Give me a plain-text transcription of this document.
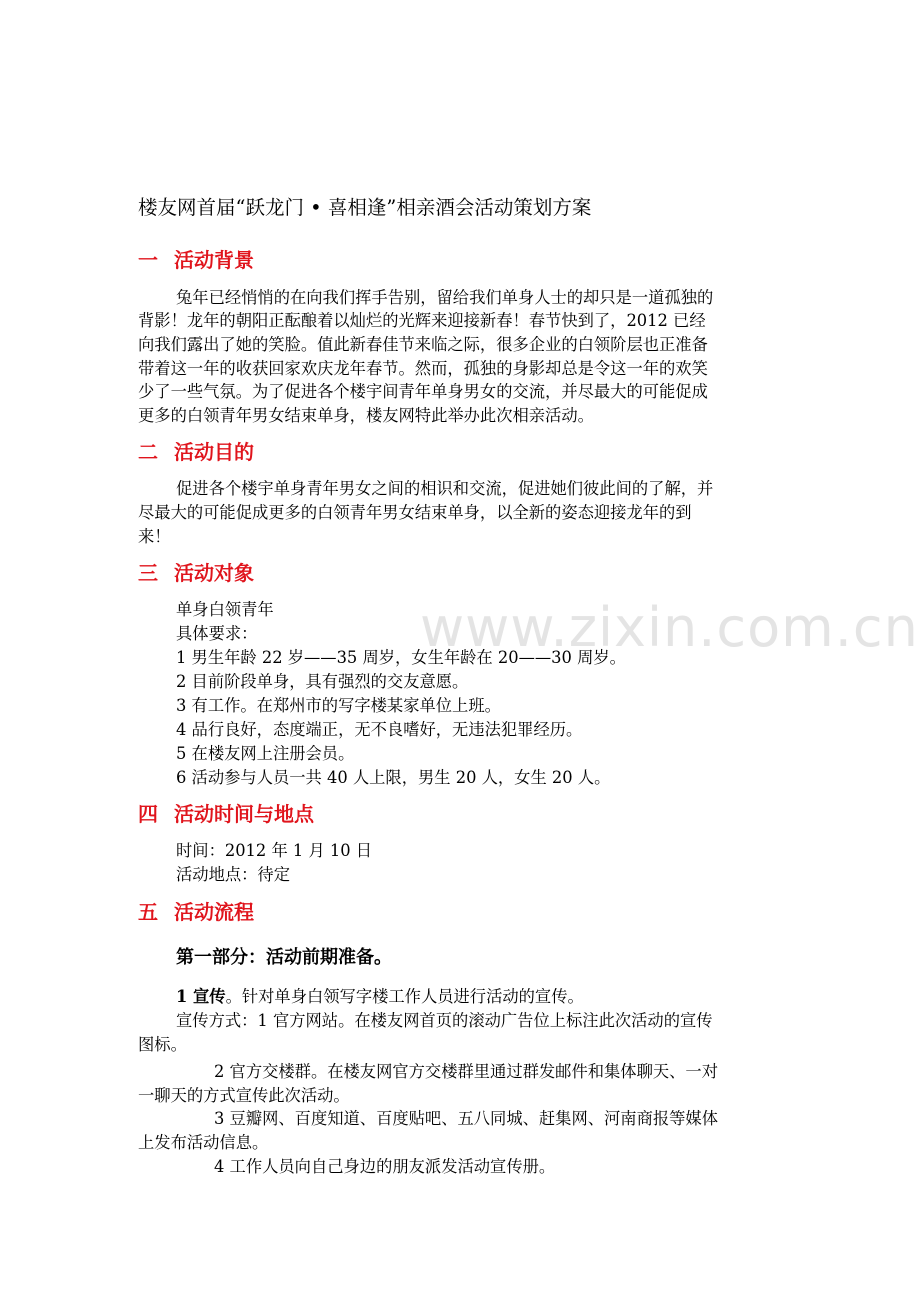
www.zixin.com.cn
楼友网首届“跃龙门 • 喜相逢”相亲酒会活动策划方案
一 活动背景
兔年已经悄悄的在向我们挥手告别，留给我们单身人士的却只是一道孤独的
背影！龙年的朝阳正酝酿着以灿烂的光辉来迎接新春！春节快到了，2012 已经
向我们露出了她的笑脸。值此新春佳节来临之际，很多企业的白领阶层也正准备
带着这一年的收获回家欢庆龙年春节。然而，孤独的身影却总是令这一年的欢笑
少了一些气氛。为了促进各个楼宇间青年单身男女的交流，并尽最大的可能促成
更多的白领青年男女结束单身，楼友网特此举办此次相亲活动。
二 活动目的
促进各个楼宇单身青年男女之间的相识和交流，促进她们彼此间的了解，并
尽最大的可能促成更多的白领青年男女结束单身，以全新的姿态迎接龙年的到
来！
三 活动对象
单身白领青年
具体要求：
1 男生年龄 22 岁——35 周岁，女生年龄在 20——30 周岁。
2 目前阶段单身，具有强烈的交友意愿。
3 有工作。在郑州市的写字楼某家单位上班。
4 品行良好，态度端正，无不良嗜好，无违法犯罪经历。
5 在楼友网上注册会员。
6 活动参与人员一共 40 人上限，男生 20 人，女生 20 人。
四 活动时间与地点
时间：2012 年 1 月 10 日
活动地点：待定
五 活动流程
第一部分：活动前期准备。
1 宣传。针对单身白领写字楼工作人员进行活动的宣传。
宣传方式：1 官方网站。在楼友网首页的滚动广告位上标注此次活动的宣传
图标。
2 官方交楼群。在楼友网官方交楼群里通过群发邮件和集体聊天、一对
一聊天的方式宣传此次活动。
3 豆瓣网、百度知道、百度贴吧、五八同城、赶集网、河南商报等媒体
上发布活动信息。
4 工作人员向自己身边的朋友派发活动宣传册。
